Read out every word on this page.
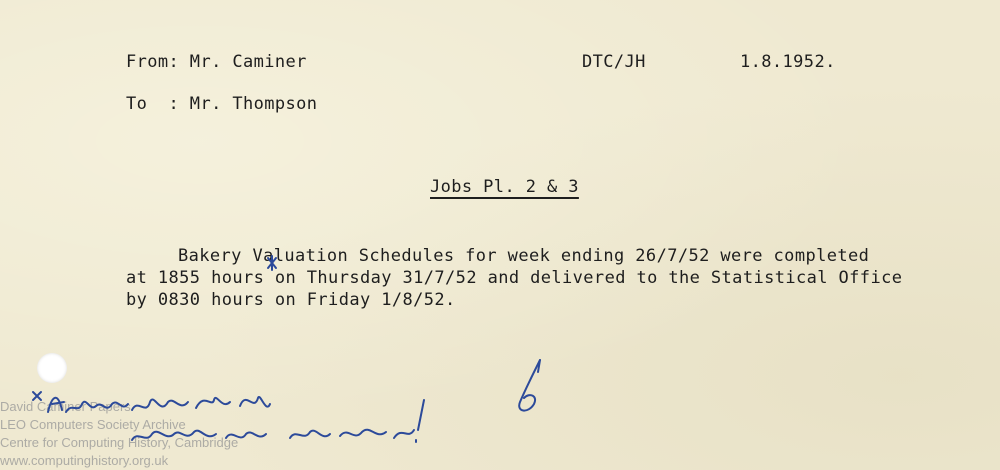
From: Mr. Caminer	DTC/JH	1.8.1952.
To  : Mr. Thompson
Jobs Pl. 2 & 3
Bakery Valuation Schedules for week ending 26/7/52 were completed
at 1855 hours on Thursday 31/7/52 and delivered to the Statistical Office
by 0830 hours on Friday 1/8/52.
David Caminer Papers
LEO Computers Society Archive
Centre for Computing History, Cambridge
www.computinghistory.org.uk
